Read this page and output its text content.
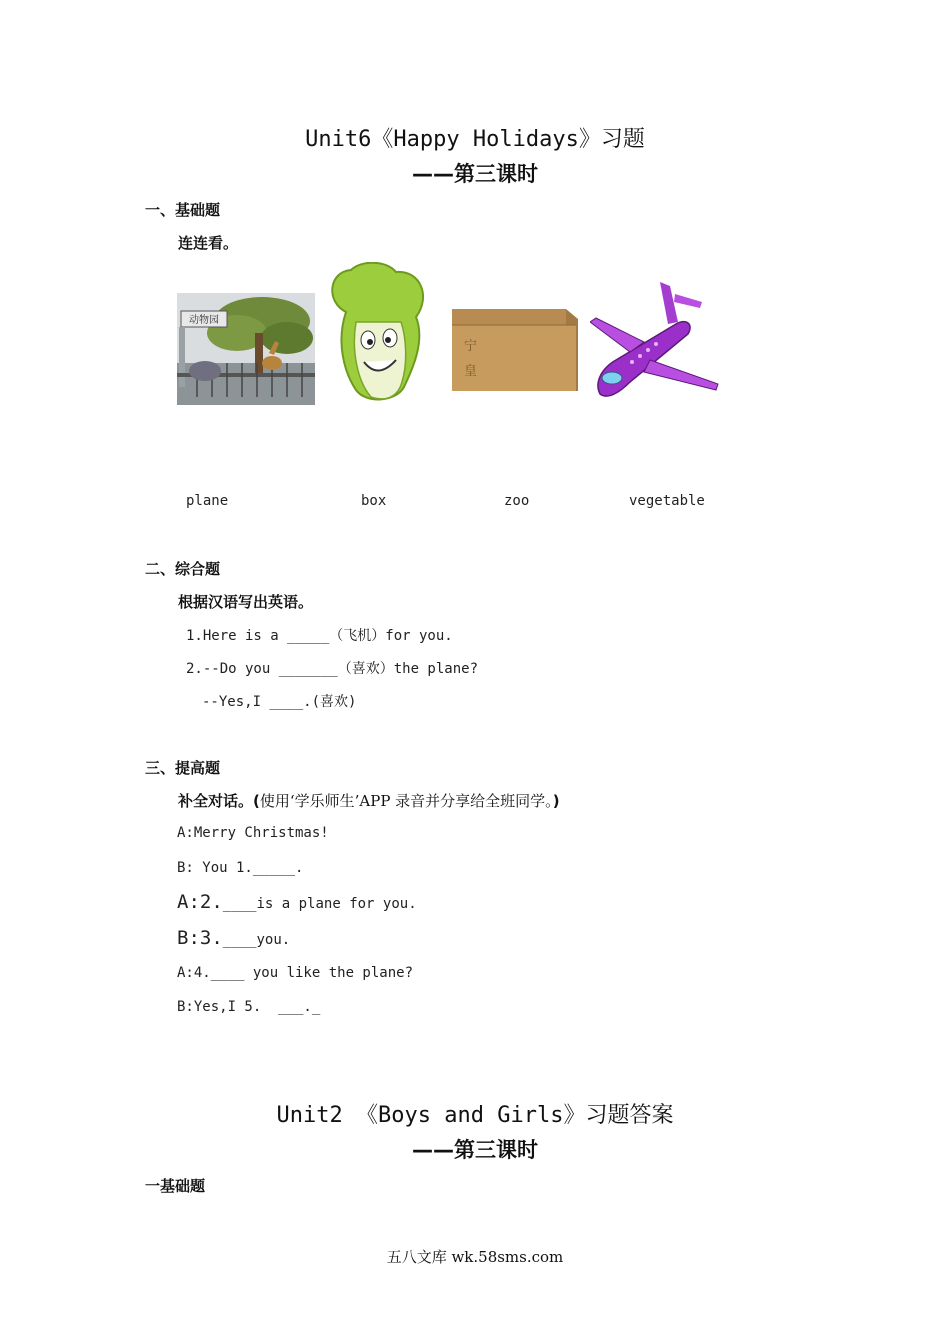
Unit6《Happy Holidays》习题
——第三课时
一、基础题
连连看。
动物园
宁
皇
plane	box	zoo	vegetable
二、综合题
根据汉语写出英语。
1.Here is a _____（飞机）for you.
2.--Do you _______（喜欢）the plane?
--Yes,I ____.(喜欢)
三、提高题
补全对话。(使用‘学乐师生’APP 录音并分享给全班同学。)
A:Merry Christmas!
B: You 1._____.
A:2.____is a plane for you.
B:3.____you.
A:4.____ you like the plane?
B:Yes,I 5.  ___._
Unit2 《Boys and Girls》习题答案
——第三课时
一基础题
五八文库 wk.58sms.com
